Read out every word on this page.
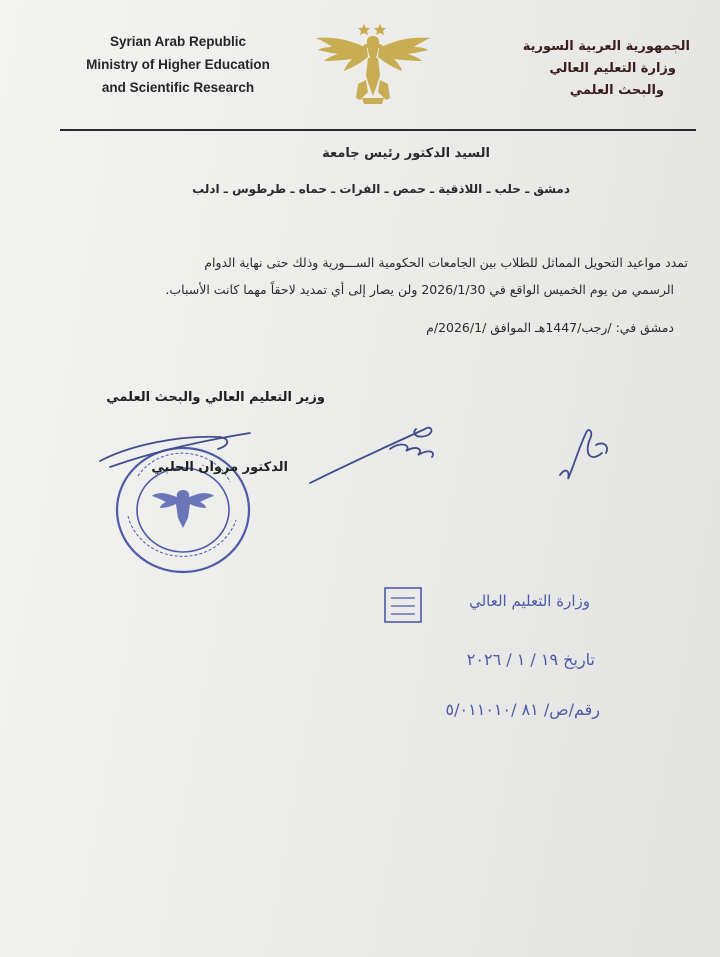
Syrian Arab Republic
Ministry of Higher Education
and Scientific Research
الجمهورية العربية السورية
وزارة التعليم العالي
والبحث العلمي
السيد الدكتور رئيس جامعة
دمشق ـ حلب ـ اللاذقية ـ حمص ـ الفرات ـ حماه ـ طرطوس ـ ادلب
تمدد مواعيد التحويل المماثل للطلاب بين الجامعات الحكومية الســـورية وذلك حتى نهاية الدوام
الرسمي من يوم الخميس الواقع في 2026/1/30 ولن يصار إلى أي تمديد لاحقاً مهما كانت الأسباب.
دمشق في: /رجب/1447هـ الموافق /2026/1/م
وزير التعليم العالي والبحث العلمي
الدكتور مروان الحلبي
وزارة التعليم العالي
تاريخ ١٩ / ١ / ٢٠٢٦
رقم/ص/ ٨١ /٥/٠١١٠١٠
